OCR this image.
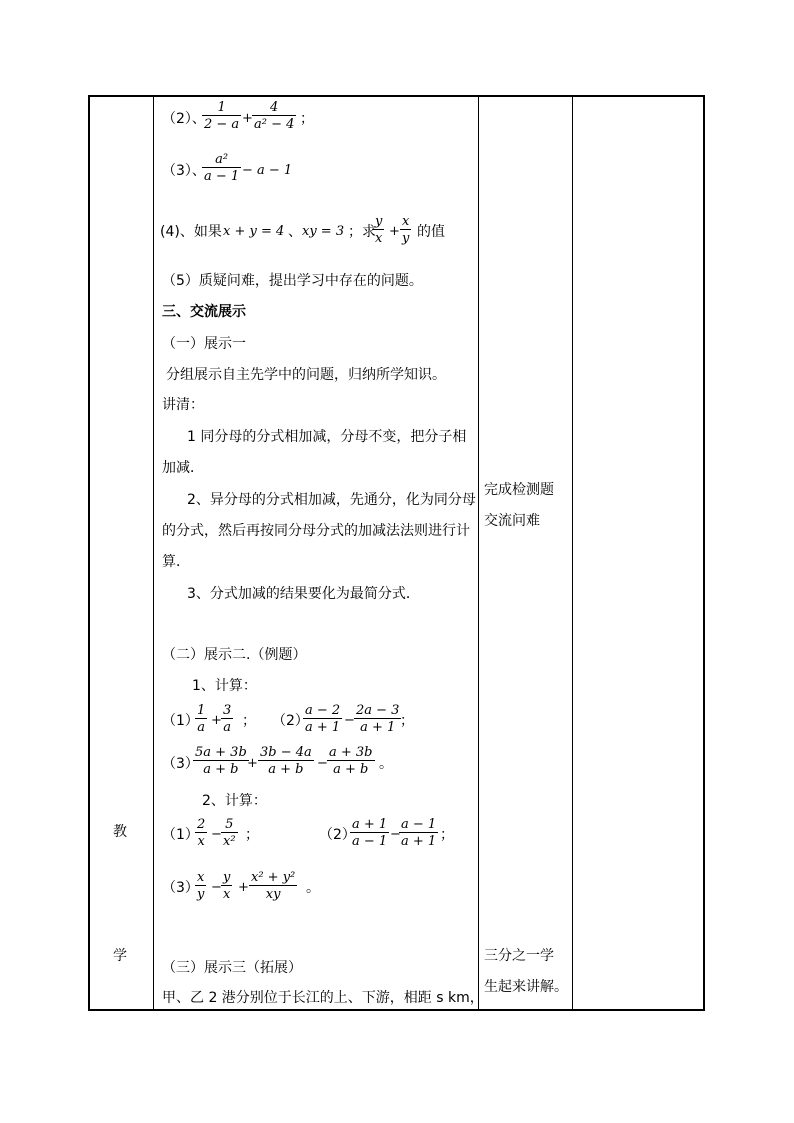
教
学
（2）、
$\frac{1}{2 - a} + \frac{4}{\text{a² − 4}}$ ；
（3）、
$\frac{\text{a²}}{a - 1} - a - 1$
(4)、如果 x + y = 4 、 xy = 3 ；求
$\frac{y}{x} + \frac{x}{y}$ 的值
（5）质疑问难，提出学习中存在的问题。
三、交流展示
（一）展示一
分组展示自主先学中的问题，归纳所学知识。
讲清：
1 同分母的分式相加减，分母不变，把分子相
加减．
2、异分母的分式相加减，先通分，化为同分母
的分式，然后再按同分母分式的加减法法则进行计
算．
3、分式加减的结果要化为最简分式．
（二）展示二.（例题）
1、计算：
（1）
$\frac{1}{a} + \frac{3}{a}$ ； （2）
$\frac{a - 2}{a + 1} - \frac{2a - 3}{a + 1}$
；
（3）
$\frac{5a + 3b}{a + b}$
+ $\frac{3b - 4a}{a + b} - \frac{a + 3b}{a + b}$ 。
2、计算：
（1）
$\frac{2}{x} - \frac{5}{\text{x²}}$ ；	（2）
$\frac{a + 1}{a - 1}$ −
$\frac{a - 1}{a + 1}$ ；
（3）
$\frac{x}{y} - \frac{y}{x} + \frac{\text{x² + y²}}{xy}$ 。
（三）展示三（拓展）
甲、乙 2 港分别位于长江的上、下游，相距 s km，
完成检测题
交流问难
三分之一学
生起来讲解。
